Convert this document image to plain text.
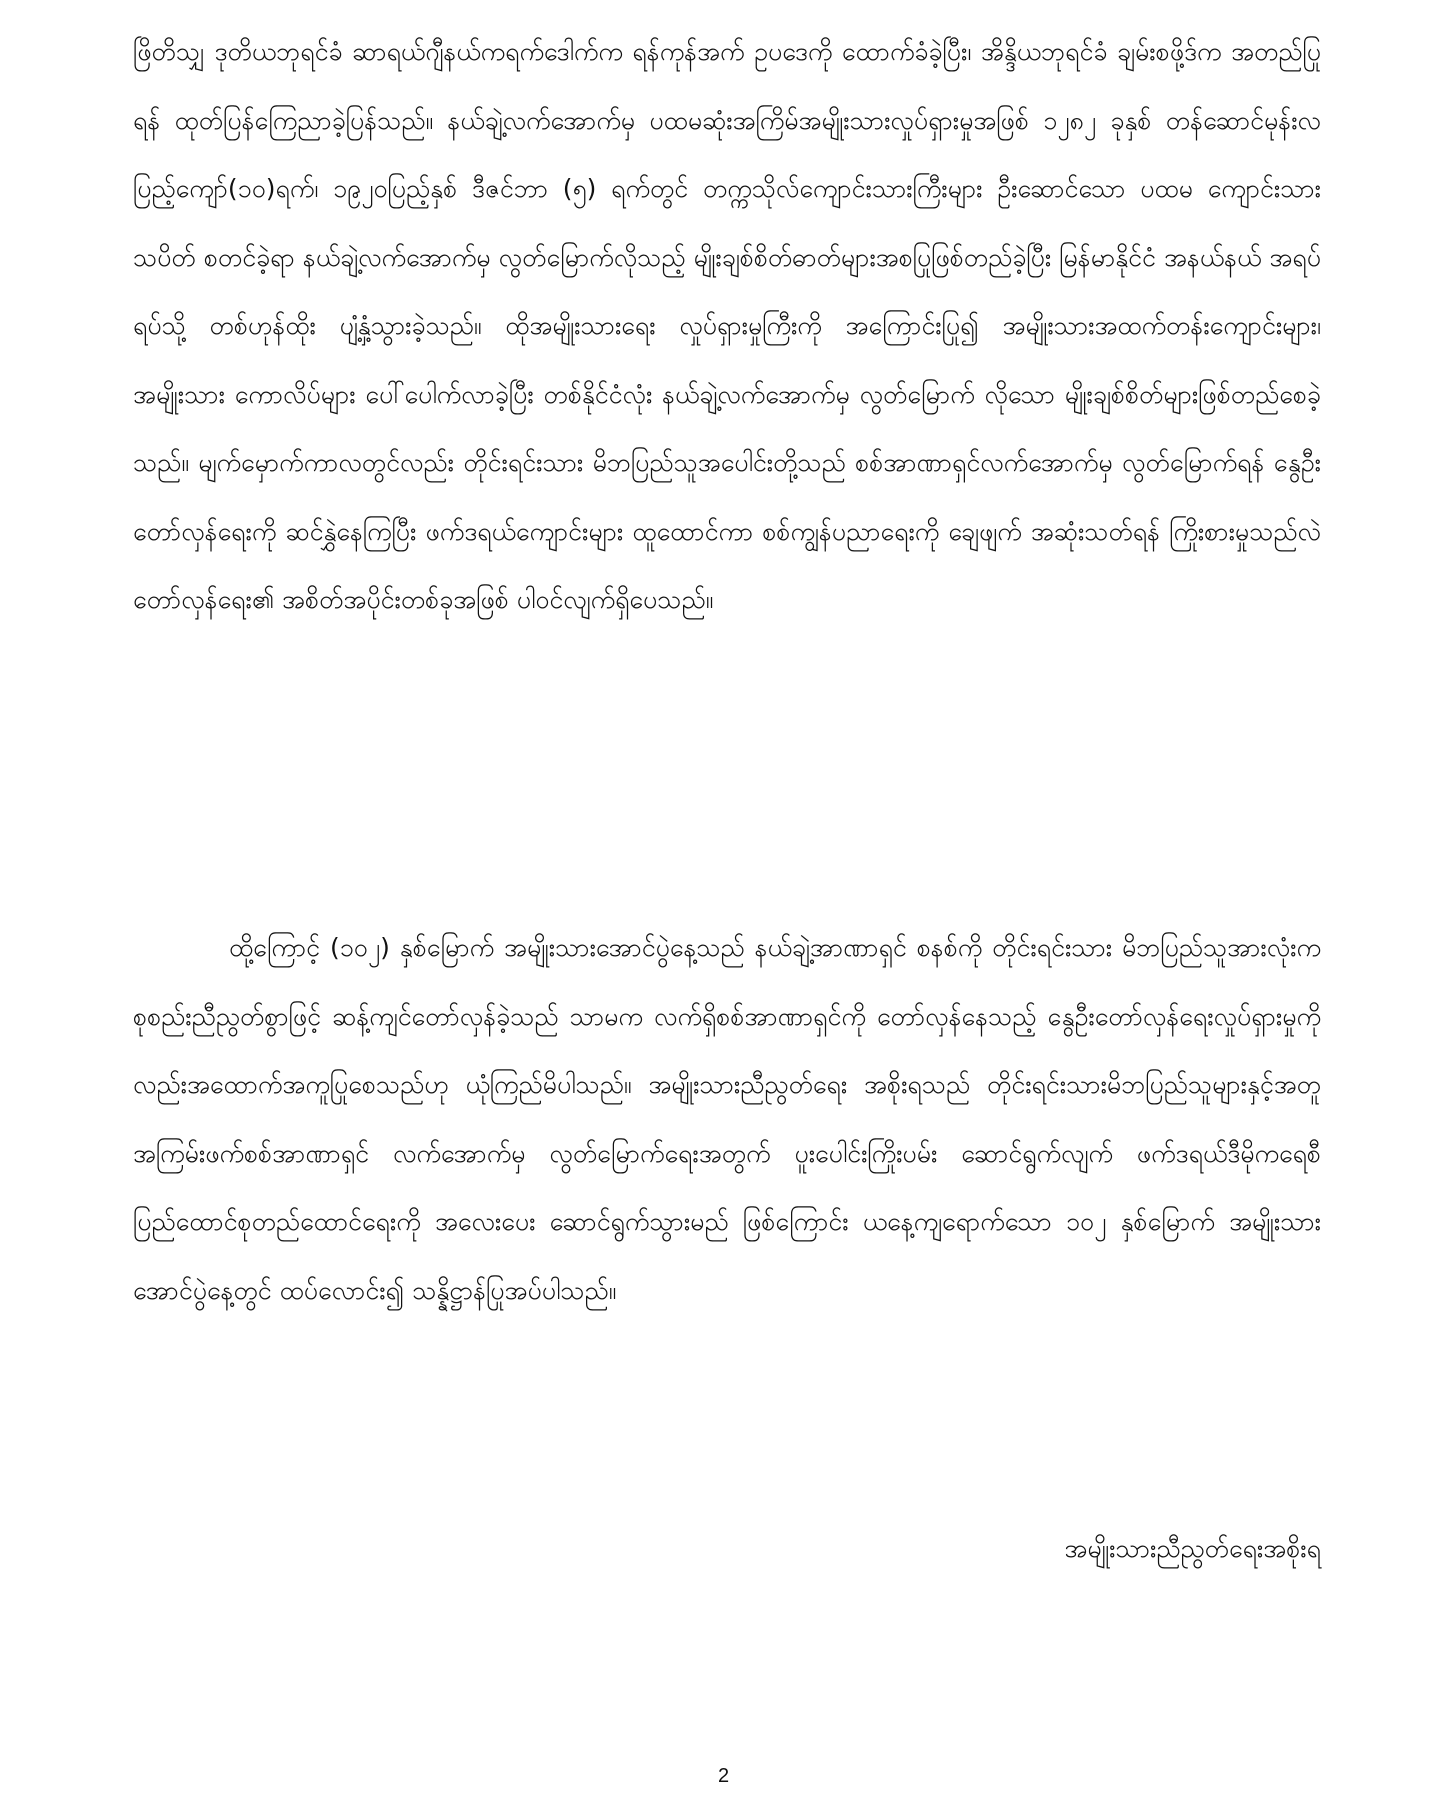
ဖြိတိသျှ ဒုတိယဘုရင်ခံ ဆာရယ်ဂျီနယ်ကရက်ဒေါက်က ရန်ကုန်အက် ဥပဒေကို ထောက်ခံခဲ့ပြီး၊ အိန္ဒိယဘုရင်ခံ ချမ်းစဖို့ဒ်က အတည်ပြုရန် ထုတ်ပြန်ကြေညာခဲ့ပြန်သည်။ နယ်ချဲ့လက်အောက်မှ ပထမဆုံးအကြိမ်အမျိုးသားလှုပ်ရှားမှုအဖြစ် ၁၂၈၂ ခုနှစ် တန်ဆောင်မုန်းလပြည့်ကျော်(၁၀)ရက်၊ ၁၉၂၀ပြည့်နှစ် ဒီဇင်ဘာ (၅) ရက်တွင် တက္ကသိုလ်ကျောင်းသားကြီးများ ဦးဆောင်သော ပထမ ကျောင်းသားသပိတ် စတင်ခဲ့ရာ နယ်ချဲ့လက်အောက်မှ လွတ်မြောက်လိုသည့် မျိုးချစ်စိတ်ဓာတ်များအစပြုဖြစ်တည်ခဲ့ပြီး မြန်မာနိုင်ငံ အနယ်နယ် အရပ်ရပ်သို့ တစ်ဟုန်ထိုး ပျံ့နှံ့သွားခဲ့သည်။ ထိုအမျိုးသားရေး လှုပ်ရှားမှုကြီးကို အကြောင်းပြု၍ အမျိုးသားအထက်တန်းကျောင်းများ၊ အမျိုးသား ကောလိပ်များ ပေါ်ပေါက်လာခဲ့ပြီး တစ်နိုင်ငံလုံး နယ်ချဲ့လက်အောက်မှ လွတ်မြောက် လိုသော မျိုးချစ်စိတ်များဖြစ်တည်စေခဲ့သည်။ မျက်မှောက်ကာလတွင်လည်း တိုင်းရင်းသား မိဘပြည်သူအပေါင်းတို့သည် စစ်အာဏာရှင်လက်အောက်မှ လွတ်မြောက်ရန် နွေဦးတော်လှန်ရေးကို ဆင်နွှဲနေကြပြီး ဖက်ဒရယ်ကျောင်းများ ထူထောင်ကာ စစ်ကျွန်ပညာရေးကို ချေဖျက် အဆုံးသတ်ရန် ကြိုးစားမှုသည်လဲ တော်လှန်ရေး၏ အစိတ်အပိုင်းတစ်ခုအဖြစ် ပါဝင်လျက်ရှိပေသည်။
ထို့ကြောင့် (၁၀၂) နှစ်မြောက် အမျိုးသားအောင်ပွဲနေ့သည် နယ်ချဲ့အာဏာရှင် စနစ်ကို တိုင်းရင်းသား မိဘပြည်သူအားလုံးက စုစည်းညီညွတ်စွာဖြင့် ဆန့်ကျင်တော်လှန်ခဲ့သည် သာမက လက်ရှိစစ်အာဏာရှင်ကို တော်လှန်နေသည့် နွေဦးတော်လှန်ရေးလှုပ်ရှားမှုကို လည်းအထောက်အကူပြုစေသည်ဟု ယုံကြည်မိပါသည်။ အမျိုးသားညီညွတ်ရေး အစိုးရသည် တိုင်းရင်းသားမိဘပြည်သူများနှင့်အတူ အကြမ်းဖက်စစ်အာဏာရှင် လက်အောက်မှ လွတ်မြောက်ရေးအတွက် ပူးပေါင်းကြိုးပမ်း ဆောင်ရွက်လျက် ဖက်ဒရယ်ဒီမိုကရေစီပြည်ထောင်စုတည်ထောင်ရေးကို အလေးပေး ဆောင်ရွက်သွားမည် ဖြစ်ကြောင်း ယနေ့ကျရောက်သော ၁၀၂ နှစ်မြောက် အမျိုးသားအောင်ပွဲနေ့တွင် ထပ်လောင်း၍ သန္နိဋ္ဌာန်ပြုအပ်ပါသည်။
အမျိုးသားညီညွတ်ရေးအစိုးရ
2
